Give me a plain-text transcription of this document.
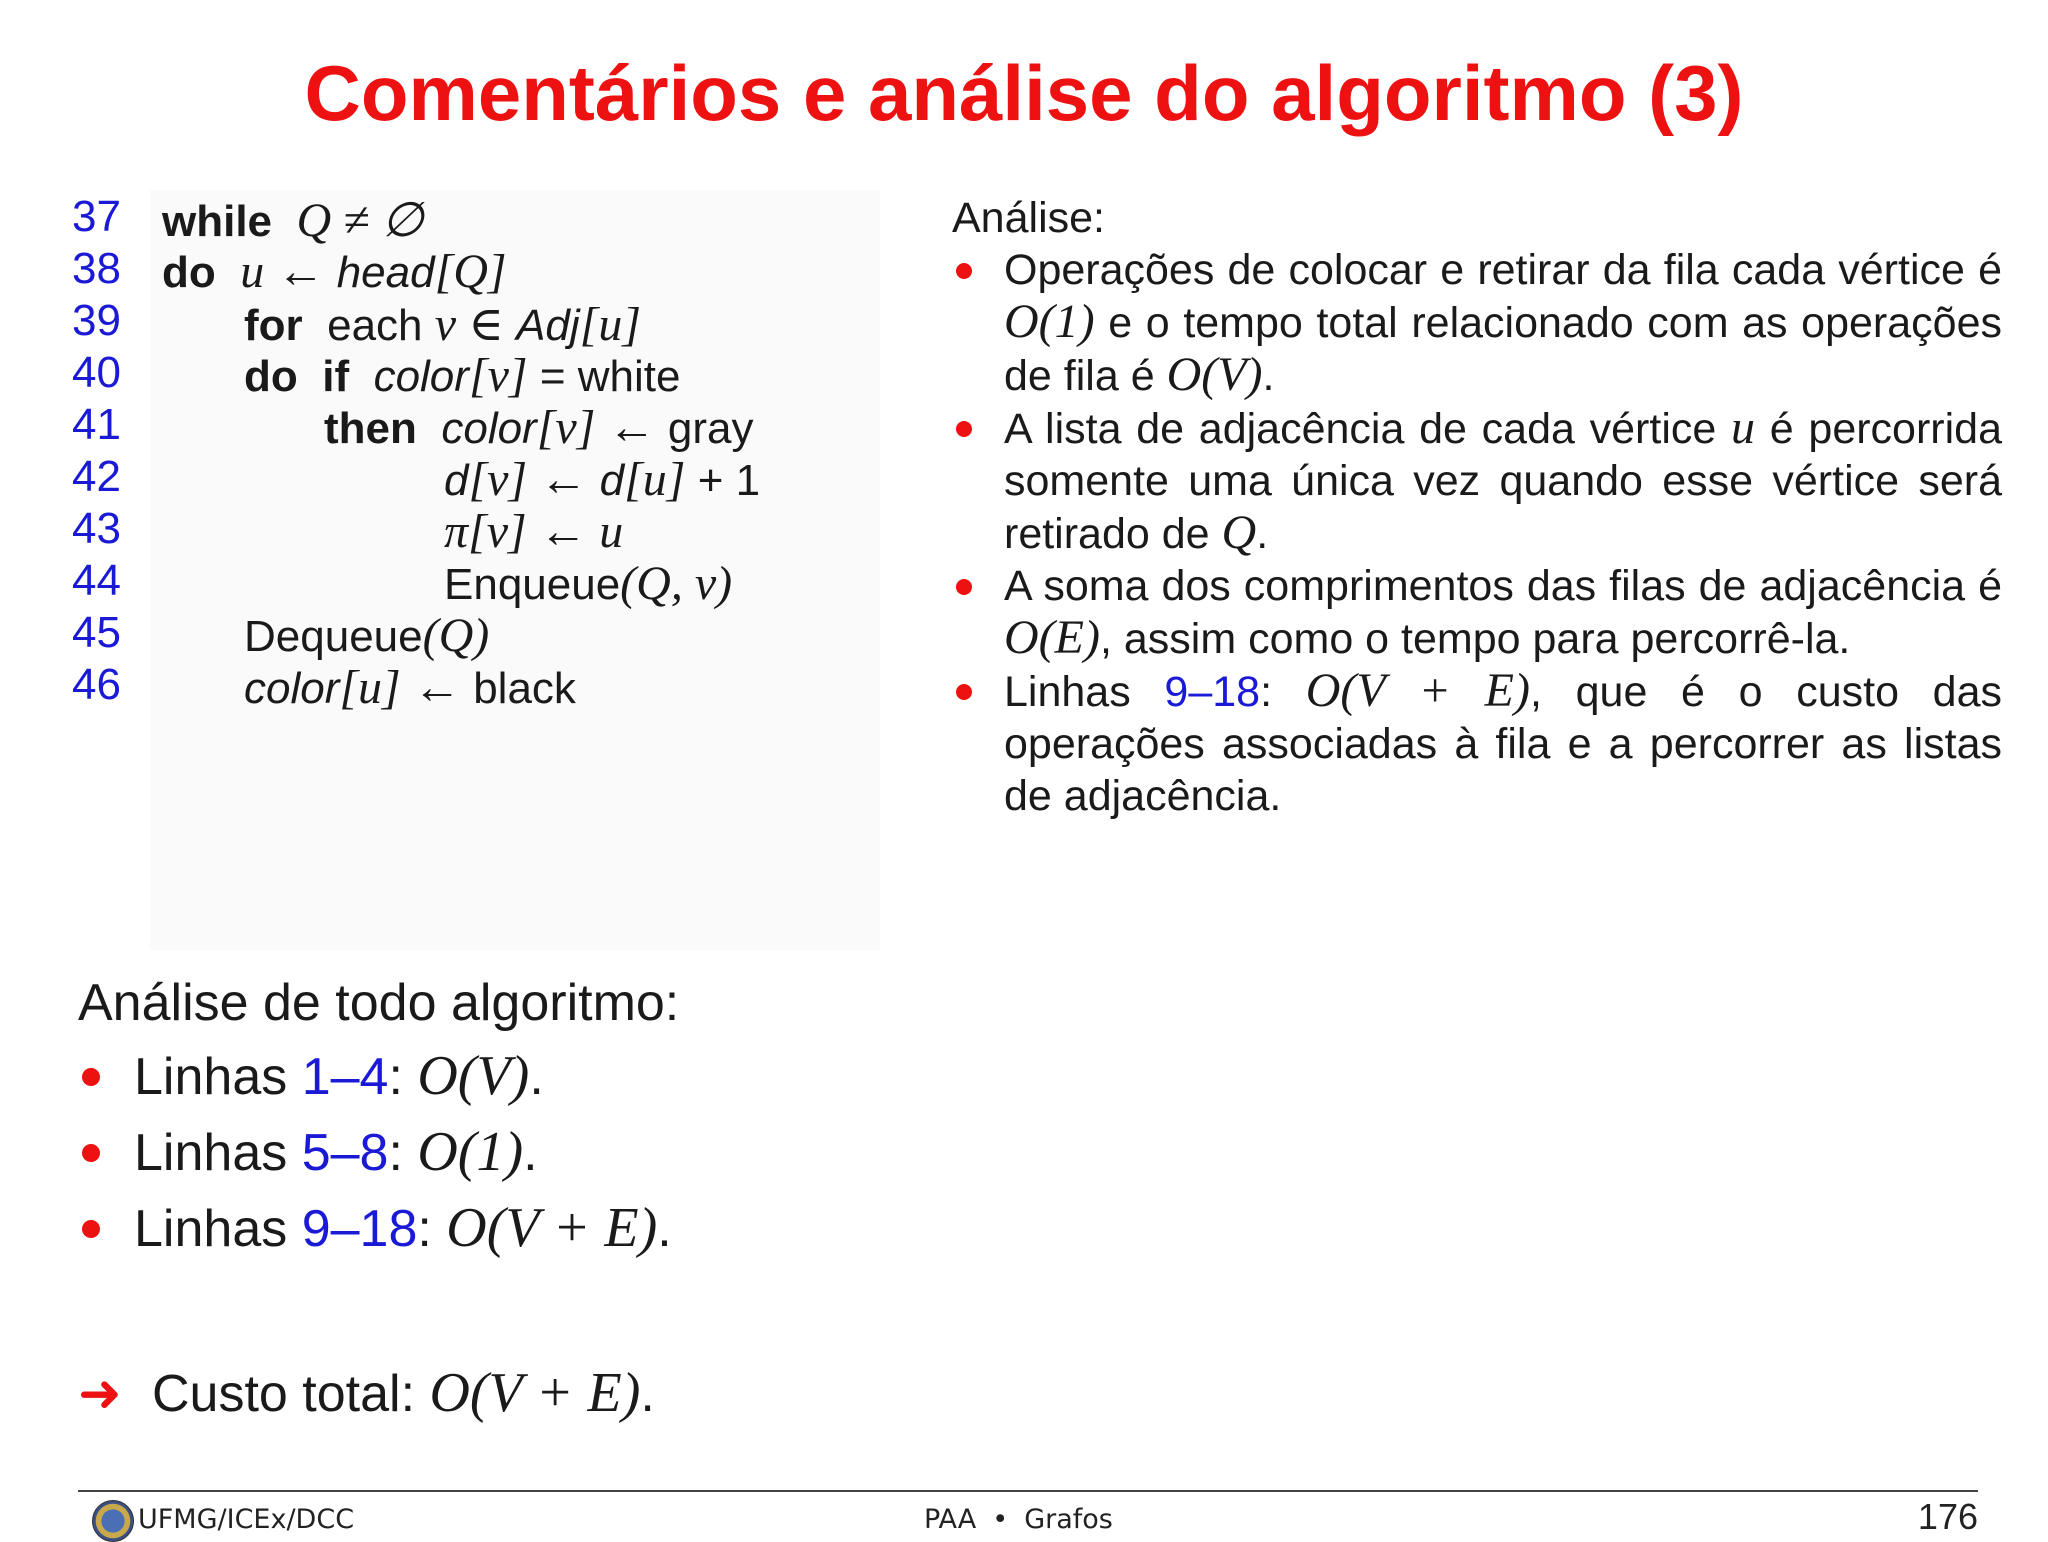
Comentários e análise do algoritmo (3)
37 while Q ≠ ∅
38 do u ← head[Q]
39	for each v ∈ Adj[u]
40	do if color[v] = white
41	then color[v] ← gray
42	d[v] ← d[u] + 1
43	π[v] ← u
44	Enqueue(Q, v)
45	Dequeue(Q)
46	color[u] ← black
Análise:
Operações de colocar e retirar da fila cada vértice é O(1) e o tempo total relacionado com as operações de fila é O(V).
A lista de adjacência de cada vértice u é percorrida somente uma única vez quando esse vértice será retirado de Q.
A soma dos comprimentos das filas de adjacência é O(E), assim como o tempo para percorrê-la.
Linhas 9–18: O(V + E), que é o custo das operações associadas à fila e a percorrer as listas de adjacência.
Análise de todo algoritmo:
Linhas 1–4: O(V).
Linhas 5–8: O(1).
Linhas 9–18: O(V + E).
➜ Custo total: O(V + E).
UFMG/ICEx/DCC	PAA • Grafos	176
